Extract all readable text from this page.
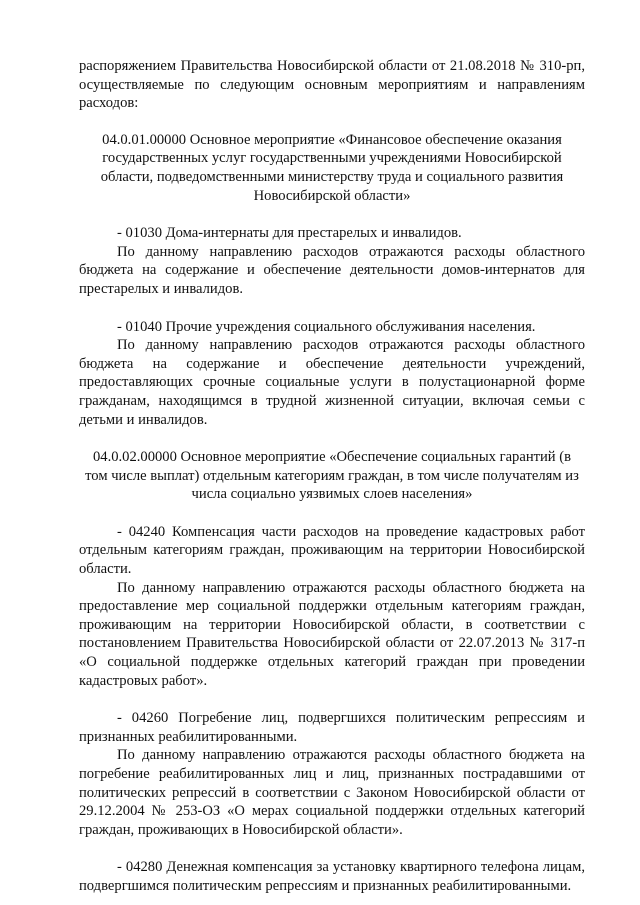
распоряжением Правительства Новосибирской области от 21.08.2018 № 310-рп, осуществляемые по следующим основным мероприятиям и направлениям расходов:

04.0.01.00000 Основное мероприятие «Финансовое обеспечение оказания государственных услуг государственными учреждениями Новосибирской области, подведомственными министерству труда и социального развития Новосибирской области»

- 01030 Дома-интернаты для престарелых и инвалидов.

По данному направлению расходов отражаются расходы областного бюджета на содержание и обеспечение деятельности домов-интернатов для престарелых и инвалидов.

- 01040 Прочие учреждения социального обслуживания населения.

По данному направлению расходов отражаются расходы областного бюджета на содержание и обеспечение деятельности учреждений, предоставляющих срочные социальные услуги в полустационарной форме гражданам, находящимся в трудной жизненной ситуации, включая семьи с детьми и инвалидов.

04.0.02.00000 Основное мероприятие «Обеспечение социальных гарантий (в том числе выплат) отдельным категориям граждан, в том числе получателям из числа социально уязвимых слоев населения»

- 04240 Компенсация части расходов на проведение кадастровых работ отдельным категориям граждан, проживающим на территории Новосибирской области.

По данному направлению отражаются расходы областного бюджета на предоставление мер социальной поддержки отдельным категориям граждан, проживающим на территории Новосибирской области, в соответствии с постановлением Правительства Новосибирской области от 22.07.2013 № 317-п «О социальной поддержке отдельных категорий граждан при проведении кадастровых работ».

- 04260 Погребение лиц, подвергшихся политическим репрессиям и признанных реабилитированными.

По данному направлению отражаются расходы областного бюджета на погребение реабилитированных лиц и лиц, признанных пострадавшими от политических репрессий в соответствии с Законом Новосибирской области от 29.12.2004 № 253-ОЗ «О мерах социальной поддержки отдельных категорий граждан, проживающих в Новосибирской области».

- 04280 Денежная компенсация за установку квартирного телефона лицам, подвергшимся политическим репрессиям и признанных реабилитированными.
